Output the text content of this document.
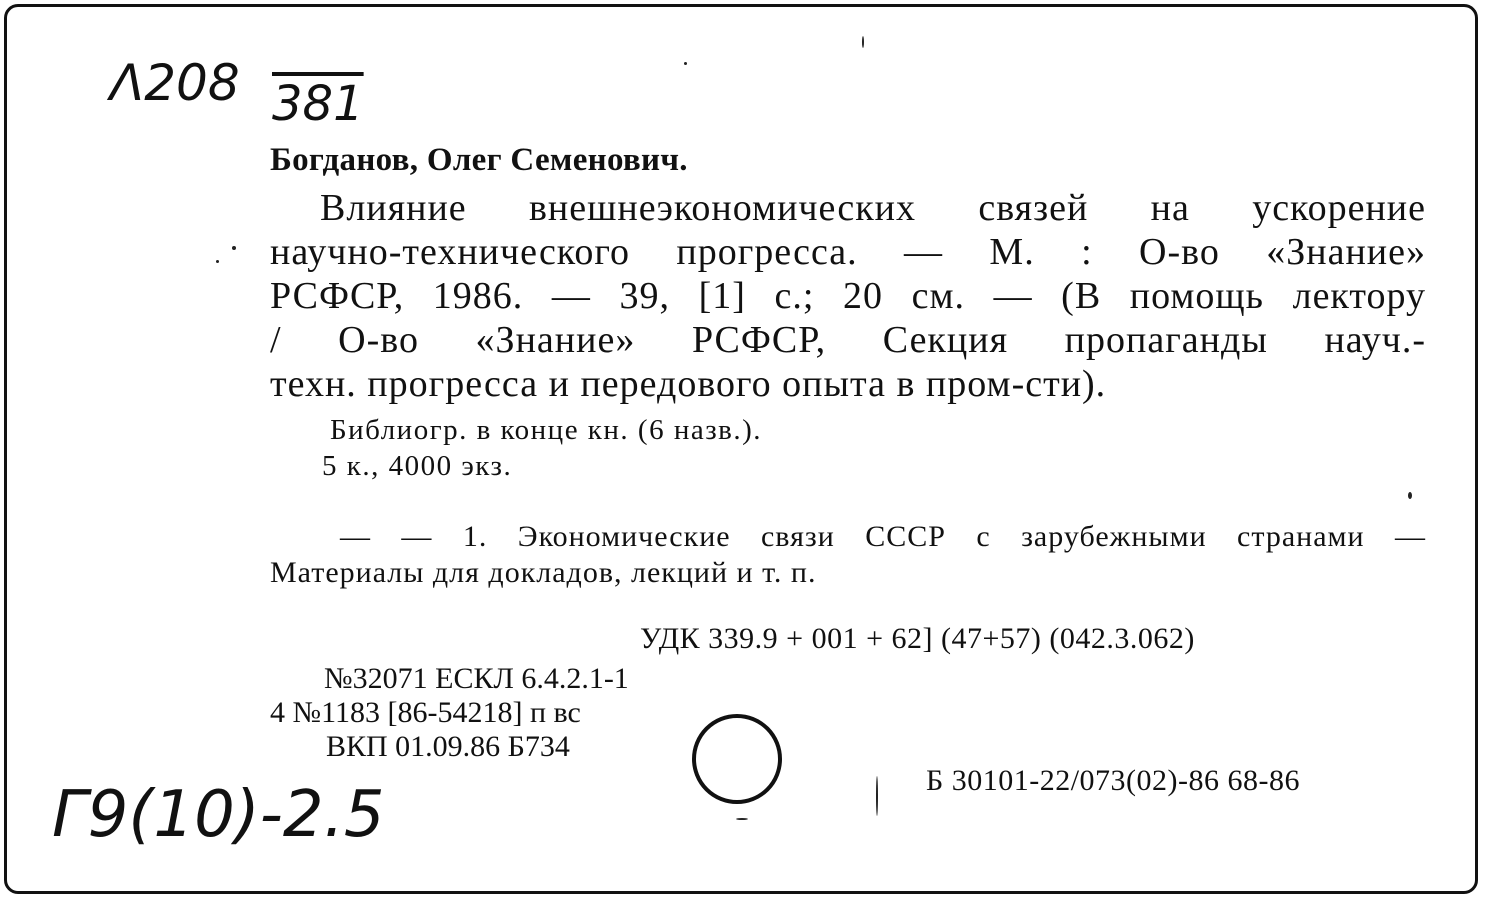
Λ208 381
Богданов, Олег Семенович.
Влияние внешнеэкономических связей на ускорение
научно-технического прогресса. — М. : О-во «Знание»
РСФСР, 1986. — 39, [1] с.; 20 см. — (В помощь лектору
/ О-во «Знание» РСФСР, Секция пропаганды науч.-
техн. прогресса и передового опыта в пром-сти).
Библиогр. в конце кн. (6 назв.).
5 к., 4000 экз.
— — 1. Экономические связи СССР с зарубежными странами —
Материалы для докладов, лекций и т. п.
УДК 339.9 + 001 + 62] (47+57) (042.3.062)
№32071 ЕСКЛ 6.4.2.1-1
4 №1183 [86-54218] п вс
ВКП 01.09.86 Б734
Б 30101-22/073(02)-86 68-86
Г9(10)-2.5
